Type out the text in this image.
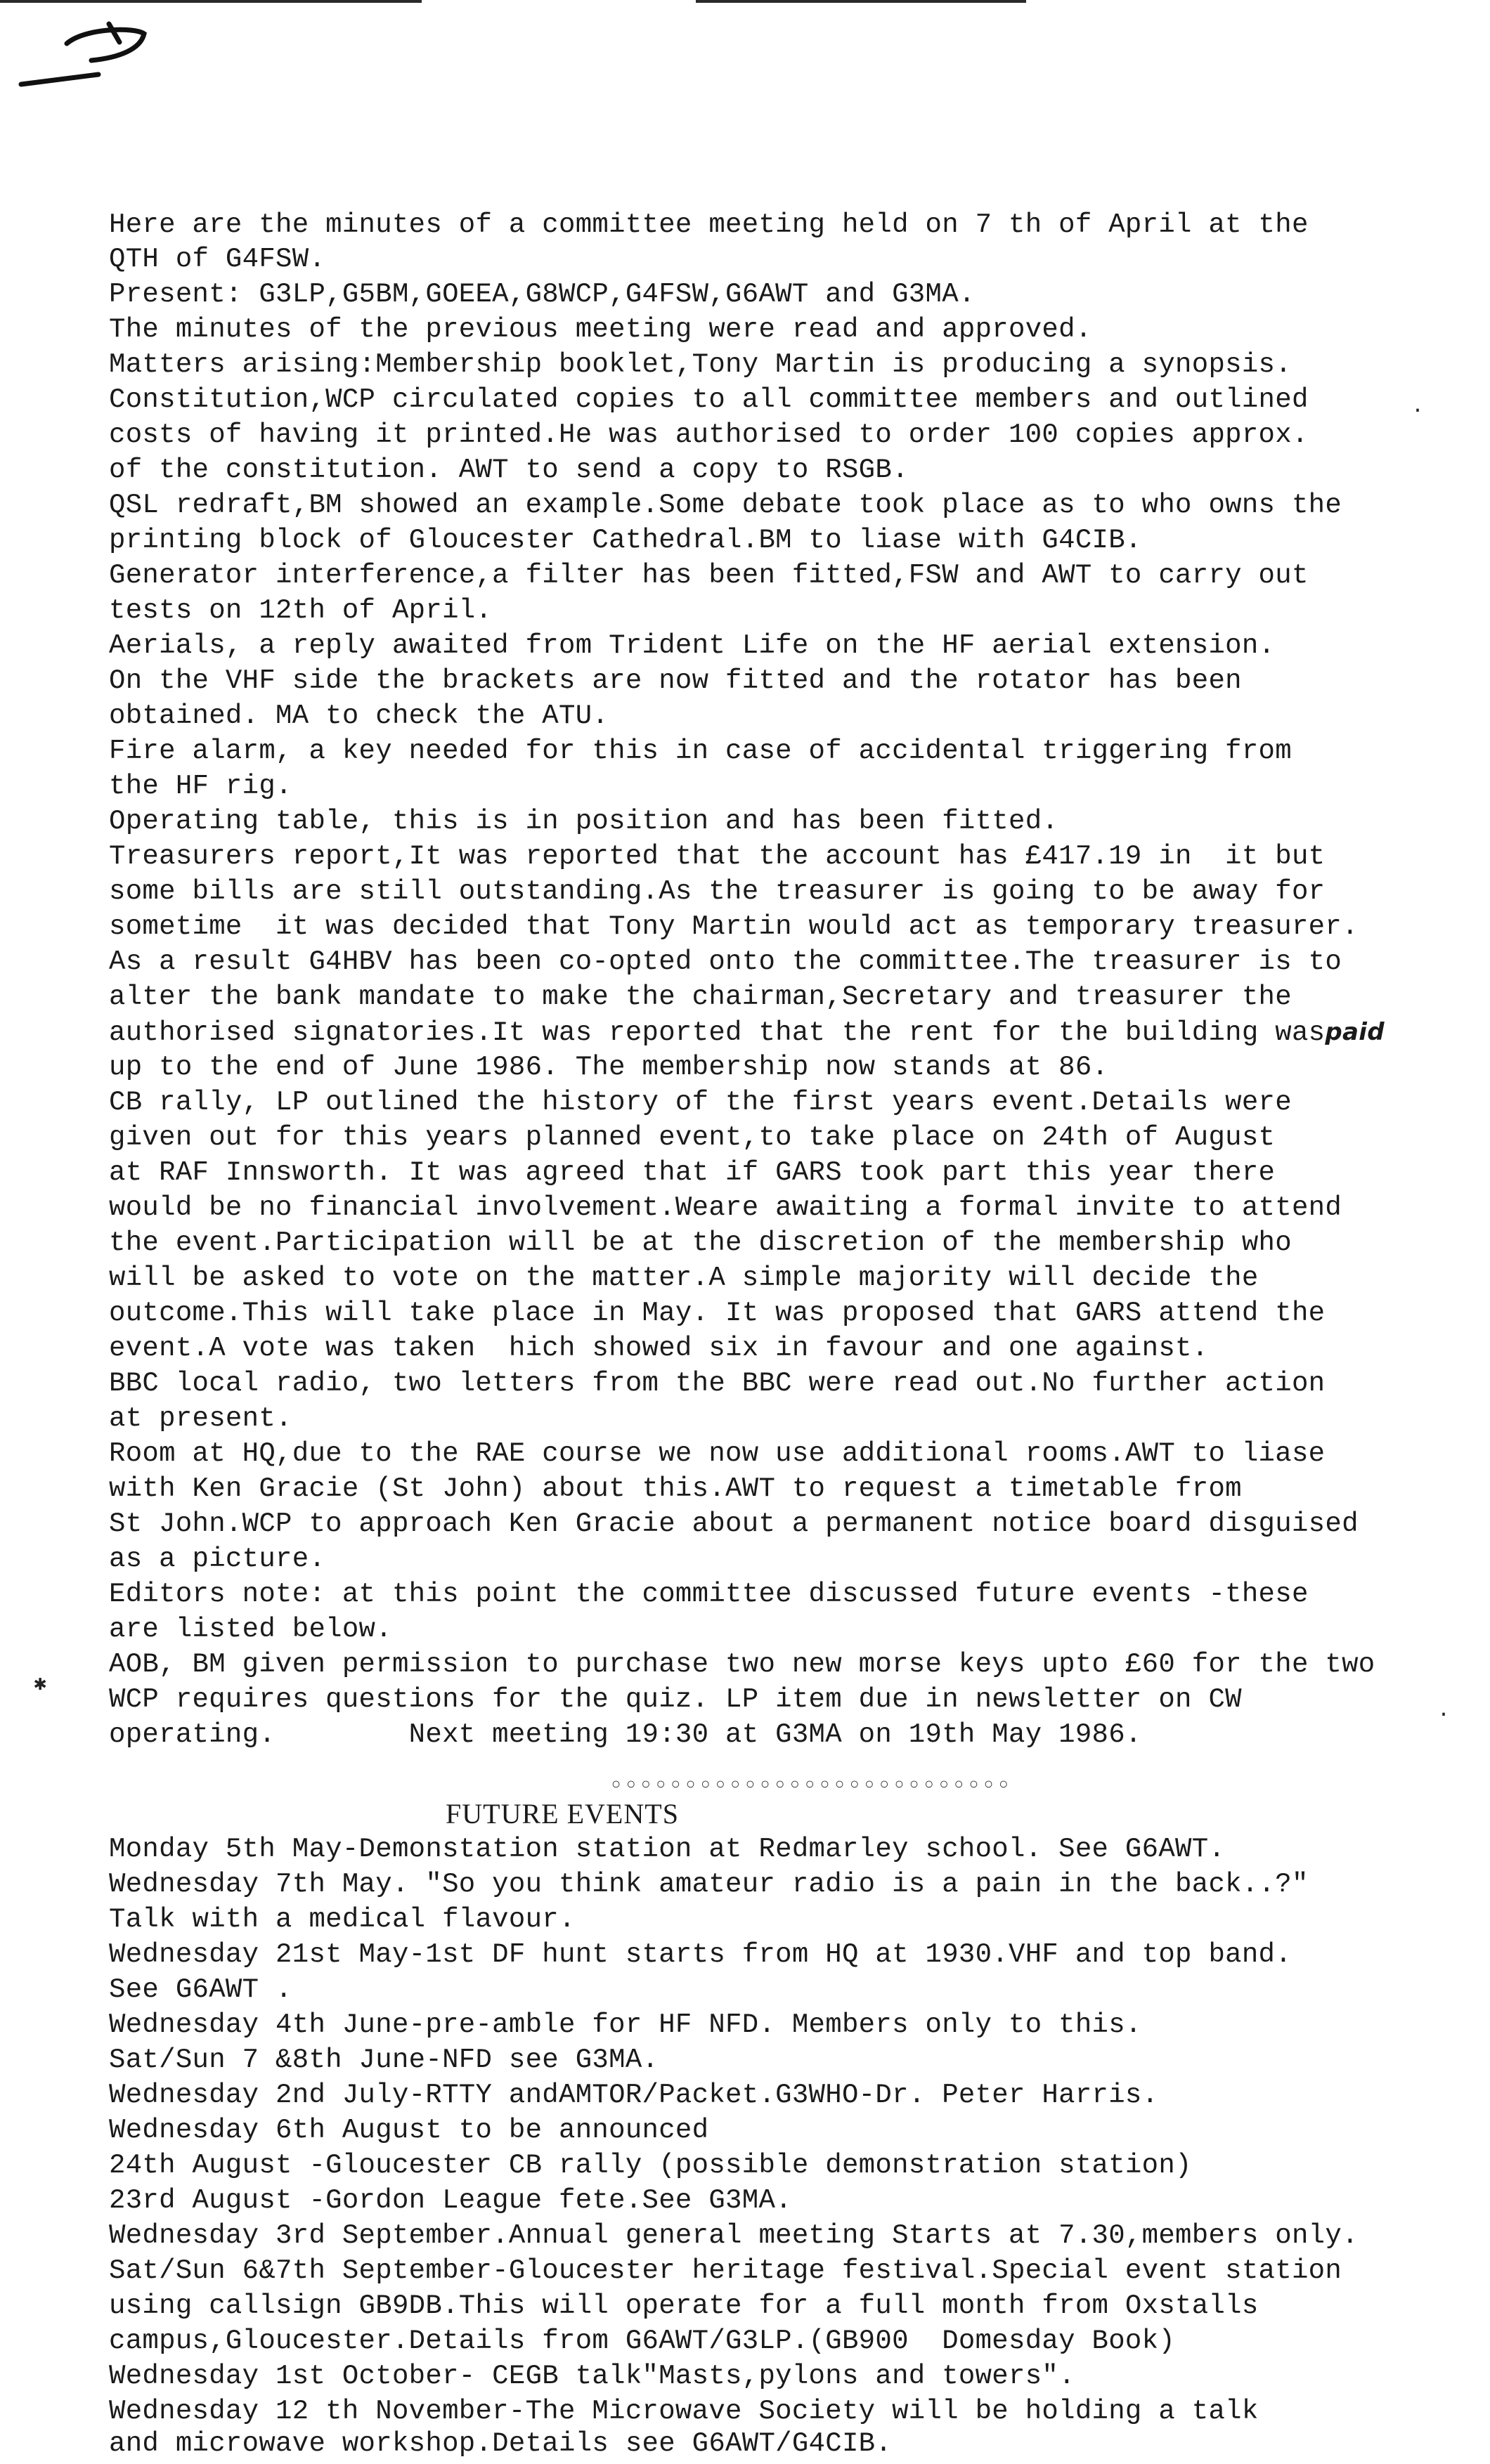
Here are the minutes of a committee meeting held on 7 th of April at the
QTH of G4FSW.
Present: G3LP,G5BM,GOEEA,G8WCP,G4FSW,G6AWT and G3MA.
The minutes of the previous meeting were read and approved.
Matters arising:Membership booklet,Tony Martin is producing a synopsis.
Constitution,WCP circulated copies to all committee members and outlined
costs of having it printed.He was authorised to order 100 copies approx.
of the constitution. AWT to send a copy to RSGB.
QSL redraft,BM showed an example.Some debate took place as to who owns the
printing block of Gloucester Cathedral.BM to liase with G4CIB.
Generator interference,a filter has been fitted,FSW and AWT to carry out
tests on 12th of April.
Aerials, a reply awaited from Trident Life on the HF aerial extension.
On the VHF side the brackets are now fitted and the rotator has been
obtained. MA to check the ATU.
Fire alarm, a key needed for this in case of accidental triggering from
the HF rig.
Operating table, this is in position and has been fitted.
Treasurers report,It was reported that the account has £417.19 in  it but
some bills are still outstanding.As the treasurer is going to be away for
sometime  it was decided that Tony Martin would act as temporary treasurer.
As a result G4HBV has been co-opted onto the committee.The treasurer is to
alter the bank mandate to make the chairman,Secretary and treasurer the
authorised signatories.It was reported that the rent for the building waspaid
up to the end of June 1986. The membership now stands at 86.
CB rally, LP outlined the history of the first years event.Details were
given out for this years planned event,to take place on 24th of August
at RAF Innsworth. It was agreed that if GARS took part this year there
would be no financial involvement.Weare awaiting a formal invite to attend
the event.Participation will be at the discretion of the membership who
will be asked to vote on the matter.A simple majority will decide the
outcome.This will take place in May. It was proposed that GARS attend the
event.A vote was taken  hich showed six in favour and one against.
BBC local radio, two letters from the BBC were read out.No further action
at present.
Room at HQ,due to the RAE course we now use additional rooms.AWT to liase
with Ken Gracie (St John) about this.AWT to request a timetable from
St John.WCP to approach Ken Gracie about a permanent notice board disguised
as a picture.
Editors note: at this point the committee discussed future events -these
are listed below.
AOB, BM given permission to purchase two new morse keys upto £60 for the two
WCP requires questions for the quiz. LP item due in newsletter on CW
operating.        Next meeting 19:30 at G3MA on 19th May 1986.
✱
·
·
○○○○○○○○○○○○○○○○○○○○○○○○○○○
FUTURE EVENTS
Monday 5th May-Demonstation station at Redmarley school. See G6AWT.
Wednesday 7th May. "So you think amateur radio is a pain in the back..?"
Talk with a medical flavour.
Wednesday 21st May-1st DF hunt starts from HQ at 1930.VHF and top band.
See G6AWT .
Wednesday 4th June-pre-amble for HF NFD. Members only to this.
Sat/Sun 7 &8th June-NFD see G3MA.
Wednesday 2nd July-RTTY andAMTOR/Packet.G3WHO-Dr. Peter Harris.
Wednesday 6th August to be announced
24th August -Gloucester CB rally (possible demonstration station)
23rd August -Gordon League fete.See G3MA.
Wednesday 3rd September.Annual general meeting Starts at 7.30,members only.
Sat/Sun 6&7th September-Gloucester heritage festival.Special event station
using callsign GB9DB.This will operate for a full month from Oxstalls
campus,Gloucester.Details from G6AWT/G3LP.(GB900  Domesday Book)
Wednesday 1st October- CEGB talk"Masts,pylons and towers".
Wednesday 12 th November-The Microwave Society will be holding a talk
and microwave workshop.Details see G6AWT/G4CIB.
